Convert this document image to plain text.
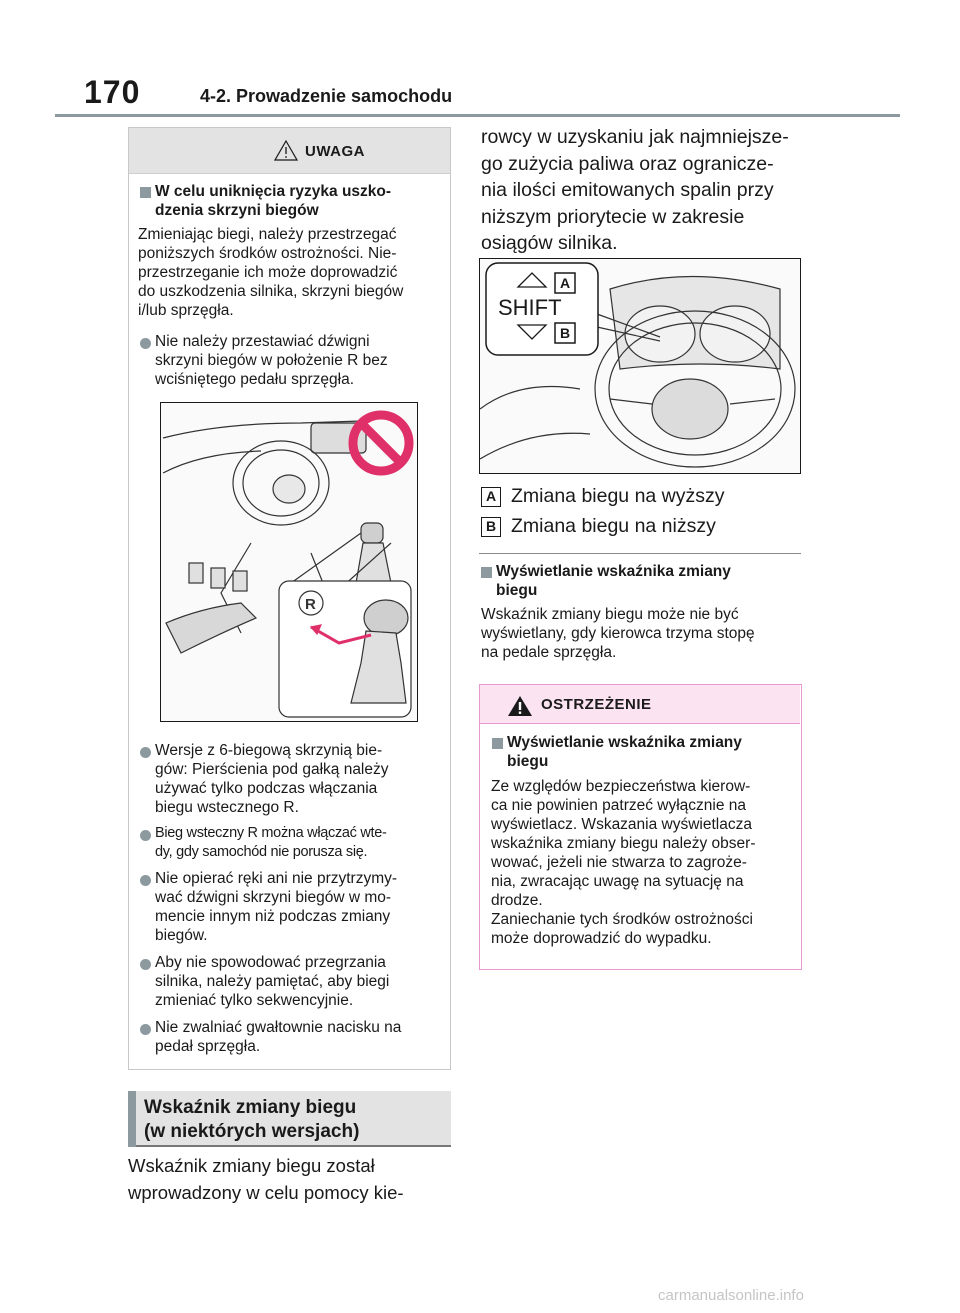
170	4-2. Prowadzenie samochodu
UWAGA
W celu uniknięcia ryzyka uszko-
dzenia skrzyni biegów
Zmieniając biegi, należy przestrzegać
poniższych środków ostrożności. Nie-
przestrzeganie ich może doprowadzić
do uszkodzenia silnika, skrzyni biegów
i/lub sprzęgła.
Nie należy przestawiać dźwigni
skrzyni biegów w położenie R bez
wciśniętego pedału sprzęgła.
Wersje z 6-biegową skrzynią bie-
gów: Pierścienia pod gałką należy
używać tylko podczas włączania
biegu wstecznego R.
Bieg wsteczny R można włączać wte-
dy, gdy samochód nie porusza się.
Nie opierać ręki ani nie przytrzymy-
wać dźwigni skrzyni biegów w mo-
mencie innym niż podczas zmiany
biegów.
Aby nie spowodować przegrzania
silnika, należy pamiętać, aby biegi
zmieniać tylko sekwencyjnie.
Nie zwalniać gwałtownie nacisku na
pedał sprzęgła.
R
Wskaźnik zmiany biegu
(w niektórych wersjach)
Wskaźnik zmiany biegu został
wprowadzony w celu pomocy kie-
rowcy w uzyskaniu jak najmniejsze-
go zużycia paliwa oraz ogranicze-
nia ilości emitowanych spalin przy
niższym priorytecie w zakresie
osiągów silnika.
A
B
SHIFT
A Zmiana biegu na wyższy
B Zmiana biegu na niższy
Wyświetlanie wskaźnika zmiany
biegu
Wskaźnik zmiany biegu może nie być
wyświetlany, gdy kierowca trzyma stopę
na pedale sprzęgła.
OSTRZEŻENIE
Wyświetlanie wskaźnika zmiany
biegu
Ze względów bezpieczeństwa kierow-
ca nie powinien patrzeć wyłącznie na
wyświetlacz. Wskazania wyświetlacza
wskaźnika zmiany biegu należy obser-
wować, jeżeli nie stwarza to zagroże-
nia, zwracając uwagę na sytuację na
drodze.
Zaniechanie tych środków ostrożności
może doprowadzić do wypadku.
carmanualsonline.info
